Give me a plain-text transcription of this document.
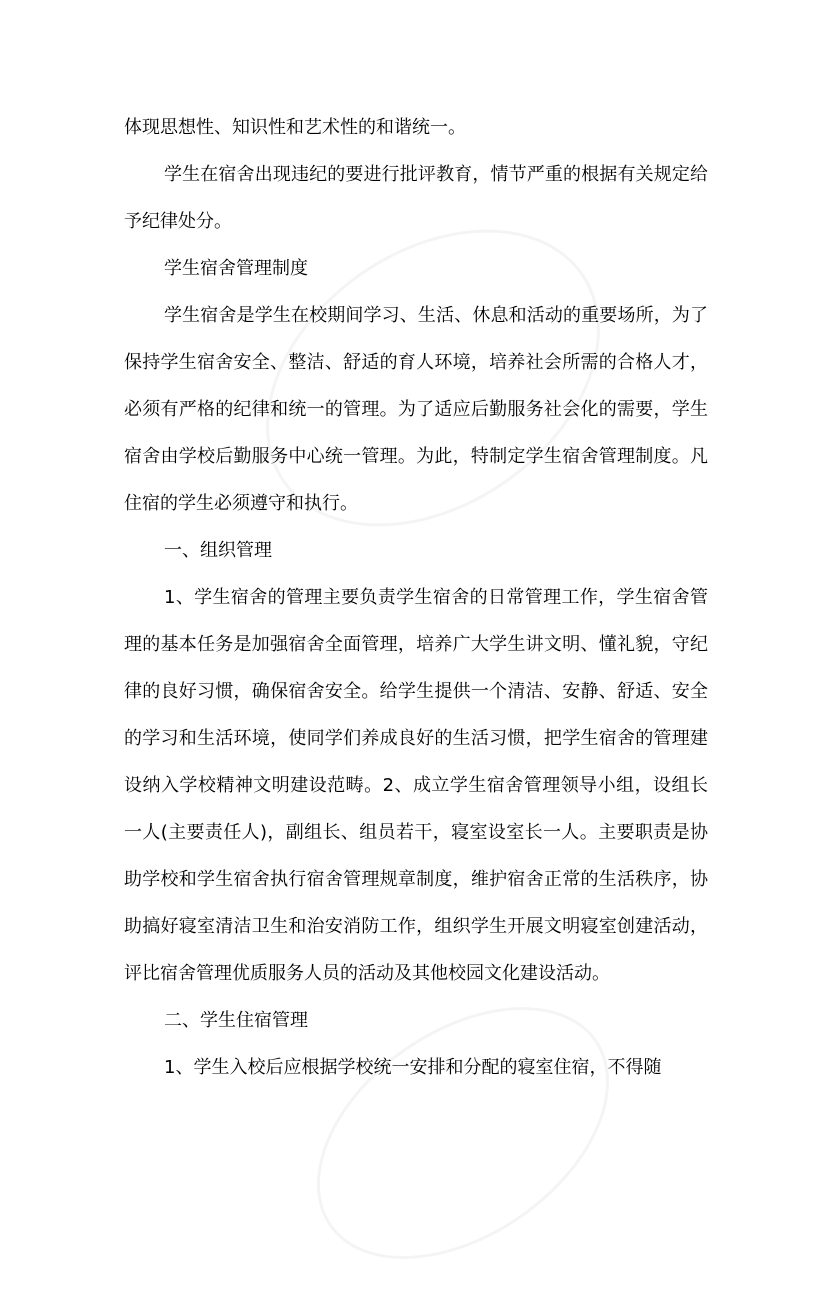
体现思想性、知识性和艺术性的和谐统一。

学生在宿舍出现违纪的要进行批评教育，情节严重的根据有关规定给予纪律处分。

学生宿舍管理制度

学生宿舍是学生在校期间学习、生活、休息和活动的重要场所，为了保持学生宿舍安全、整洁、舒适的育人环境，培养社会所需的合格人才，必须有严格的纪律和统一的管理。为了适应后勤服务社会化的需要，学生宿舍由学校后勤服务中心统一管理。为此，特制定学生宿舍管理制度。凡住宿的学生必须遵守和执行。

一、组织管理

1、学生宿舍的管理主要负责学生宿舍的日常管理工作，学生宿舍管理的基本任务是加强宿舍全面管理，培养广大学生讲文明、懂礼貌，守纪律的良好习惯，确保宿舍安全。给学生提供一个清洁、安静、舒适、安全的学习和生活环境，使同学们养成良好的生活习惯，把学生宿舍的管理建设纳入学校精神文明建设范畴。2、成立学生宿舍管理领导小组，设组长一人(主要责任人)，副组长、组员若干，寝室设室长一人。主要职责是协助学校和学生宿舍执行宿舍管理规章制度，维护宿舍正常的生活秩序，协助搞好寝室清洁卫生和治安消防工作，组织学生开展文明寝室创建活动，评比宿舍管理优质服务人员的活动及其他校园文化建设活动。

二、学生住宿管理

1、学生入校后应根据学校统一安排和分配的寝室住宿，不得随
